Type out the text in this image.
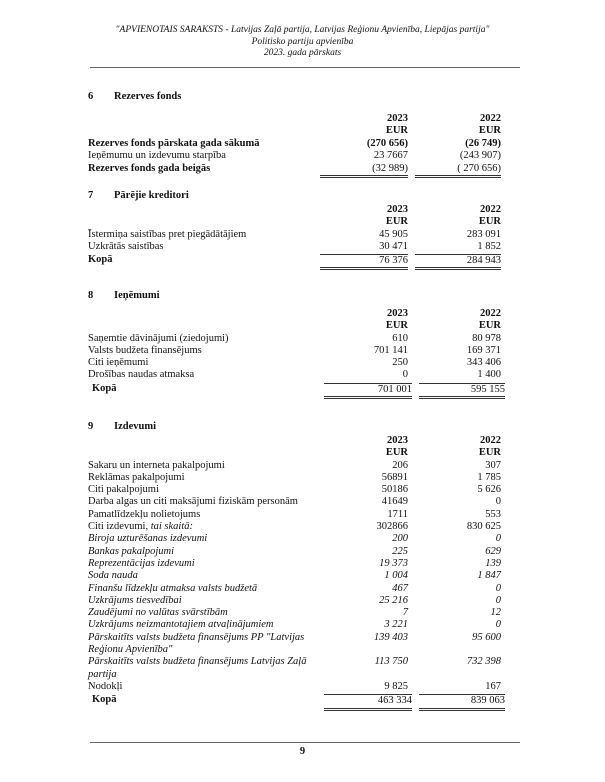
"APVIENOTAIS SARAKSTS - Latvijas Zaļā partija, Latvijas Reģionu Apvienība, Liepājas partija"
Politisko partiju apvienība
2023. gada pārskats
6 Rezerves fonds
2023	2022
EUR	EUR
Rezerves fonds pārskata gada sākumā	(270 656)	(26 749)
Ieņēmumu un izdevumu starpība	23 7667	(243 907)
Rezerves fonds gada beigās	(32 989)	( 270 656)
7 Pārējie kreditori
2023	2022
EUR	EUR
Īstermiņa saistības pret piegādātājiem	45 905	283 091
Uzkrātās saistības	30 471	1 852
Kopā	76 376	284 943
8 Ieņēmumi
2023	2022
EUR	EUR
Saņemtie dāvinājumi (ziedojumi)	610	80 978
Valsts budžeta finansējums	701 141	169 371
Citi ieņēmumi	250	343 406
Drošības naudas atmaksa	0	1 400
Kopā	701 001	595 155
9 Izdevumi
2023	2022
EUR	EUR
Sakaru un interneta pakalpojumi	206	307
Reklāmas pakalpojumi	56891	1 785
Citi pakalpojumi	50186	5 626
Darba algas un citi maksājumi fiziskām personām	41649	0
Pamatlīdzekļu nolietojums	1711	553
Citi izdevumi, tai skaitā:	302866	830 625
Biroja uzturēšanas izdevumi	200	0
Bankas pakalpojumi	225	629
Reprezentācijas izdevumi	19 373	139
Soda nauda	1 004	1 847
Finanšu līdzekļu atmaksa valsts budžetā	467	0
Uzkrājums tiesvedībai	25 216	0
Zaudējumi no valūtas svārstībām	7	12
Uzkrājums neizmantotajiem atvaļinājumiem	3 221	0
Pārskaitīts valsts budžeta finansējums PP "Latvijas Reģionu Apvienība"
139 403	95 600
Pārskaitīts valsts budžeta finansējums Latvijas Zaļā partija
113 750	732 398
Nodokļi	9 825	167
Kopā	463 334	839 063
9
